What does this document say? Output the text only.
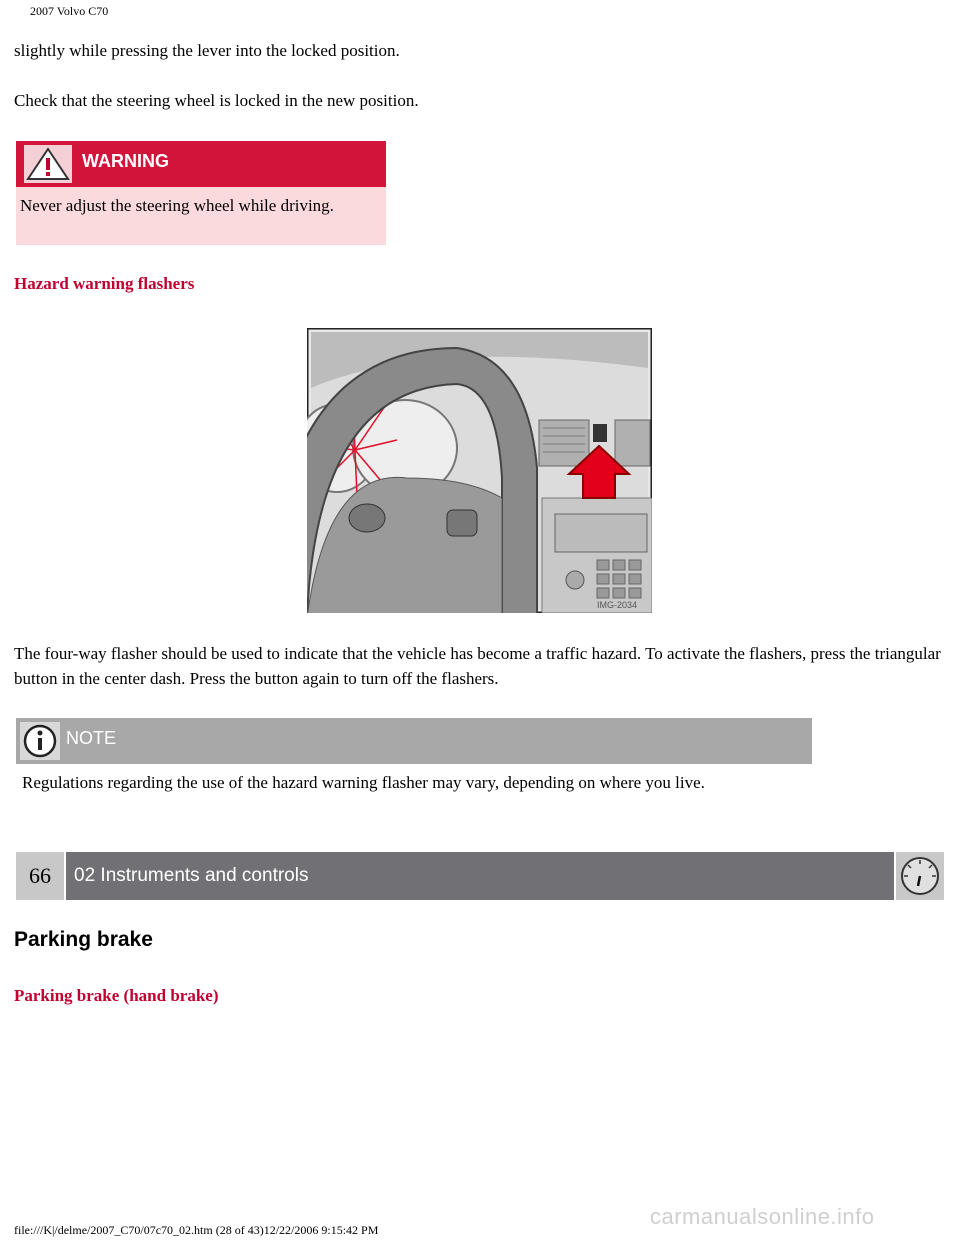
2007 Volvo C70
slightly while pressing the lever into the locked position.
Check that the steering wheel is locked in the new position.
WARNING
Never adjust the steering wheel while driving.
Hazard warning flashers
IMG-2034
The four-way flasher should be used to indicate that the vehicle has become a traffic hazard. To activate the flashers, press the triangular button in the center dash. Press the button again to turn off the flashers.
NOTE
Regulations regarding the use of the hazard warning flasher may vary, depending on where you live.
66	02 Instruments and controls
Parking brake
Parking brake (hand brake)
carmanualsonline.info
file:///K|/delme/2007_C70/07c70_02.htm (28 of 43)12/22/2006 9:15:42 PM
